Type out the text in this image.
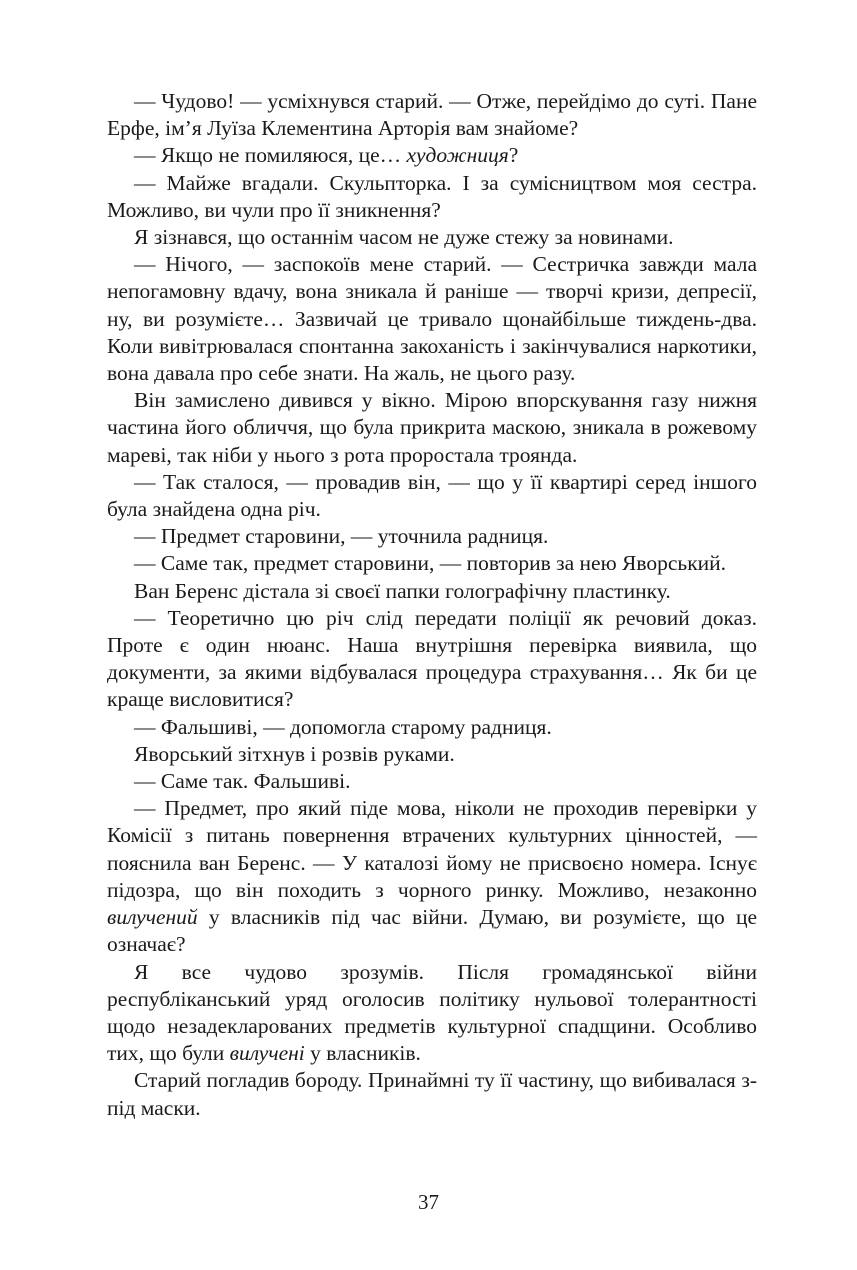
— Чудово! — усміхнувся старий. — Отже, перейдімо до суті. Пане Ерфе, ім’я Луїза Клементина Арторія вам знайоме?

— Якщо не помиляюся, це… художниця?

— Майже вгадали. Скульпторка. І за сумісництвом моя сестра. Можливо, ви чули про її зникнення?

Я зізнався, що останнім часом не дуже стежу за новинами.

— Нічого, — заспокоїв мене старий. — Сестричка завжди мала непогамовну вдачу, вона зникала й раніше — творчі кризи, депресії, ну, ви розумієте… Зазвичай це тривало щонайбільше тиждень-два. Коли вивітрювалася спонтанна закоханість і закінчувалися наркотики, вона давала про себе знати. На жаль, не цього разу.

Він замислено дивився у вікно. Мірою впорскування газу нижня частина його обличчя, що була прикрита маскою, зникала в рожевому мареві, так ніби у нього з рота проростала троянда.

— Так сталося, — провадив він, — що у її квартирі серед іншого була знайдена одна річ.

— Предмет старовини, — уточнила радниця.

— Саме так, предмет старовини, — повторив за нею Яворський.

Ван Беренс дістала зі своєї папки голографічну пластинку.

— Теоретично цю річ слід передати поліції як речовий доказ. Проте є один нюанс. Наша внутрішня перевірка виявила, що документи, за якими відбувалася процедура страхування… Як би це краще висловитися?

— Фальшиві, — допомогла старому радниця.

Яворський зітхнув і розвів руками.

— Саме так. Фальшиві.

— Предмет, про який піде мова, ніколи не проходив перевірки у Комісії з питань повернення втрачених культурних цінностей, — пояснила ван Беренс. — У каталозі йому не присвоєно номера. Існує підозра, що він походить з чорного ринку. Можливо, незаконно вилучений у власників під час війни. Думаю, ви розумієте, що це означає?

Я все чудово зрозумів. Після громадянської війни республіканський уряд оголосив політику нульової толерантності щодо незадекларованих предметів культурної спадщини. Особливо тих, що були вилучені у власників.

Старий погладив бороду. Принаймні ту її частину, що вибивалася з-під маски.

37
